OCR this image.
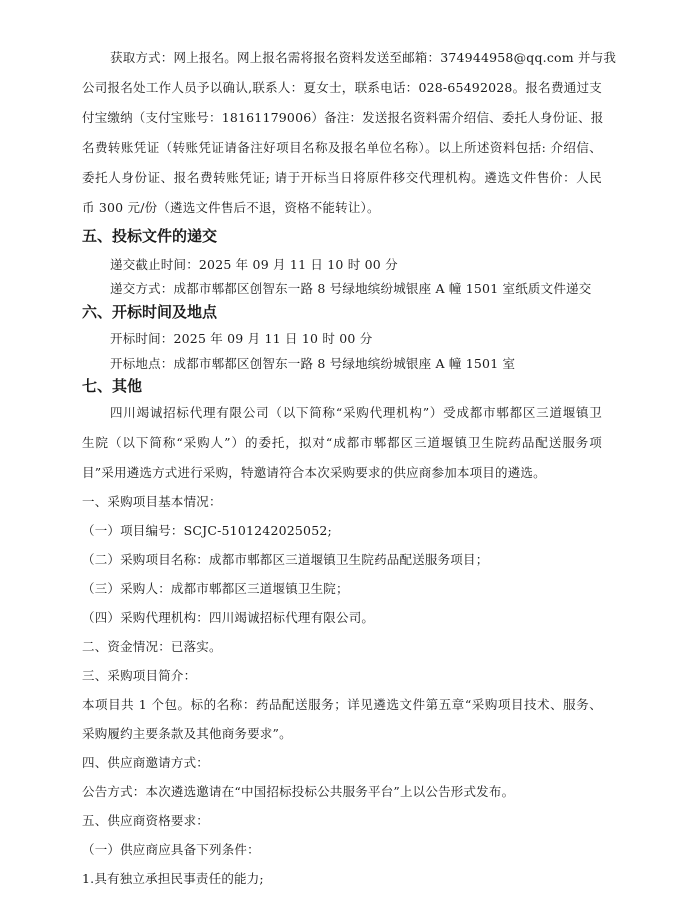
获取方式：网上报名。网上报名需将报名资料发送至邮箱：374944958@qq.com 并与我
公司报名处工作人员予以确认,联系人：夏女士，联系电话：028-65492028。报名费通过支
付宝缴纳（支付宝账号：18161179006）备注：发送报名资料需介绍信、委托人身份证、报
名费转账凭证（转账凭证请备注好项目名称及报名单位名称）。以上所述资料包括: 介绍信、
委托人身份证、报名费转账凭证; 请于开标当日将原件移交代理机构。遴选文件售价：人民
币 300 元/份（遴选文件售后不退，资格不能转让）。
五、投标文件的递交
递交截止时间：2025 年 09 月 11 日 10 时 00 分
递交方式：成都市郫都区创智东一路 8 号绿地缤纷城银座 A 幢 1501 室纸质文件递交
六、开标时间及地点
开标时间：2025 年 09 月 11 日 10 时 00 分
开标地点：成都市郫都区创智东一路 8 号绿地缤纷城银座 A 幢 1501 室
七、其他
四川竭诚招标代理有限公司（以下简称“采购代理机构”）受成都市郫都区三道堰镇卫
生院（以下简称“采购人”）的委托，拟对“成都市郫都区三道堰镇卫生院药品配送服务项
目”采用遴选方式进行采购，特邀请符合本次采购要求的供应商参加本项目的遴选。
一、采购项目基本情况：
（一）项目编号：SCJC-5101242025052;
（二）采购项目名称：成都市郫都区三道堰镇卫生院药品配送服务项目；
（三）采购人：成都市郫都区三道堰镇卫生院；
（四）采购代理机构：四川竭诚招标代理有限公司。
二、资金情况：已落实。
三、采购项目简介：
本项目共 1 个包。标的名称：药品配送服务；详见遴选文件第五章“采购项目技术、服务、
采购履约主要条款及其他商务要求”。
四、供应商邀请方式：
公告方式：本次遴选邀请在“中国招标投标公共服务平台”上以公告形式发布。
五、供应商资格要求：
（一）供应商应具备下列条件：
1.具有独立承担民事责任的能力;
